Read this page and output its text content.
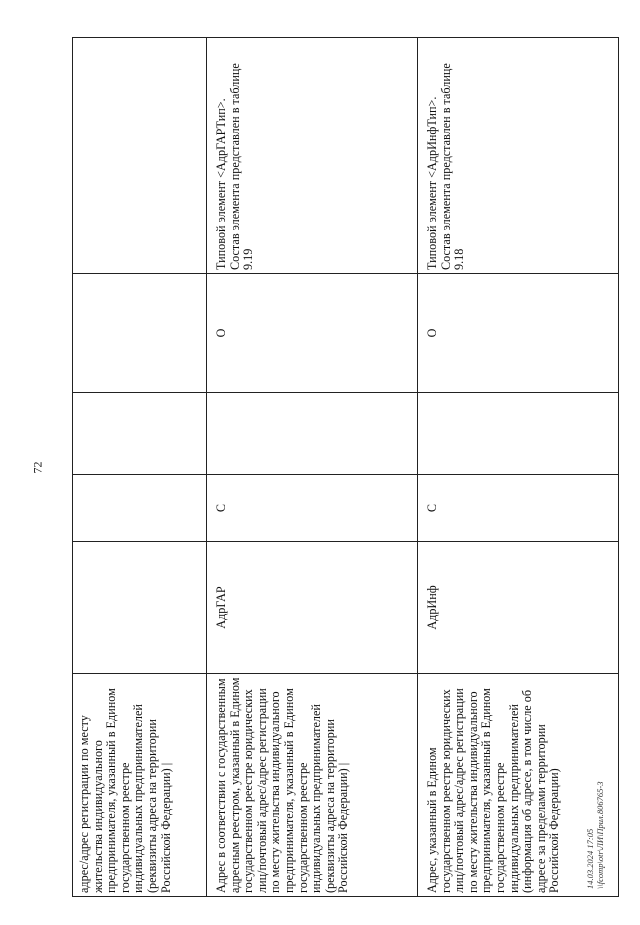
72
адрес/адрес регистрации по месту жительства индивидуального предпринимателя, указанный в Едином государственном реестре индивидуальных предпринимателей (реквизиты адреса на территории Российской Федерации) |					
Адрес в соответствии с государственным адресным реестром, указанный в Едином государственном реестре юридических лиц/почтовый адрес/адрес регистрации по месту жительства индивидуального предпринимателя, указанный в Едином государственном реестре индивидуальных предпринимателей (реквизиты адреса на территории Российской Федерации) |	АдрГАР	С		О	Типовой элемент <АдрГАРТип>.
Состав элемента представлен в таблице 9.19
Адрес, указанный в Едином государственном реестре юридических лиц/почтовый адрес/адрес регистрации по месту жительства индивидуального предпринимателя, указанный в Едином государственном реестре индивидуальных предпринимателей (информация об адресе, в том числе об адресе за пределами территории Российской Федерации)	АдрИнф	С		О	Типовой элемент <АдрИнфТип>.
Состав элемента представлен в таблице 9.18
14.03.2024 17:05 \\fcomp\otr\ЛИ\Прил.806765-3
